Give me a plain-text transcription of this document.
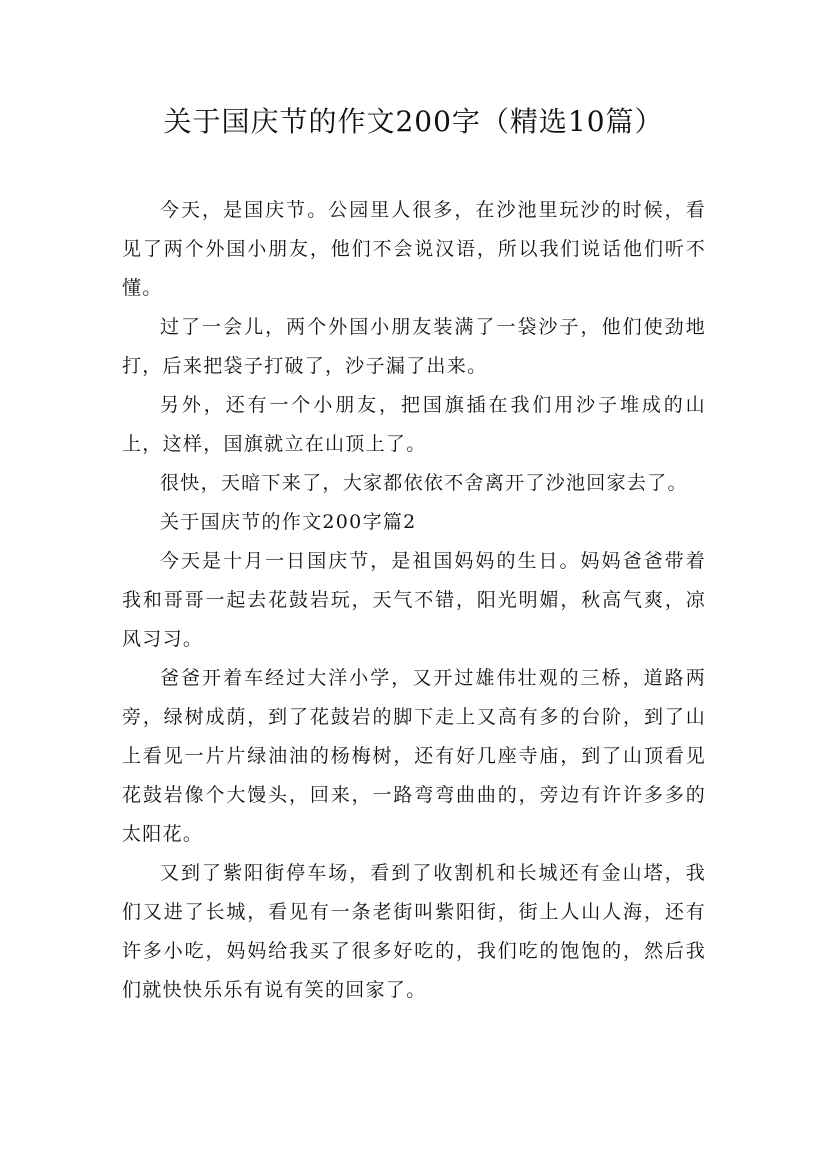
关于国庆节的作文200字（精选10篇）

今天，是国庆节。公园里人很多，在沙池里玩沙的时候，看见了两个外国小朋友，他们不会说汉语，所以我们说话他们听不懂。

过了一会儿，两个外国小朋友装满了一袋沙子，他们使劲地打，后来把袋子打破了，沙子漏了出来。

另外，还有一个小朋友，把国旗插在我们用沙子堆成的山上，这样，国旗就立在山顶上了。

很快，天暗下来了，大家都依依不舍离开了沙池回家去了。

关于国庆节的作文200字篇2

今天是十月一日国庆节，是祖国妈妈的生日。妈妈爸爸带着我和哥哥一起去花鼓岩玩，天气不错，阳光明媚，秋高气爽，凉风习习。

爸爸开着车经过大洋小学，又开过雄伟壮观的三桥，道路两旁，绿树成荫，到了花鼓岩的脚下走上又高有多的台阶，到了山上看见一片片绿油油的杨梅树，还有好几座寺庙，到了山顶看见花鼓岩像个大馒头，回来，一路弯弯曲曲的，旁边有许许多多的太阳花。

又到了紫阳街停车场，看到了收割机和长城还有金山塔，我们又进了长城，看见有一条老街叫紫阳街，街上人山人海，还有许多小吃，妈妈给我买了很多好吃的，我们吃的饱饱的，然后我们就快快乐乐有说有笑的回家了。
